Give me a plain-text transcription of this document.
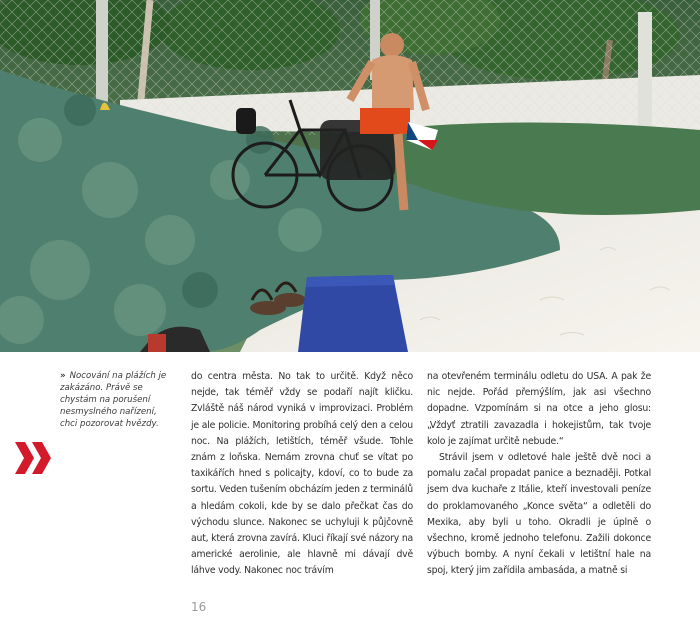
» Nocování na plážích je zakázáno. Právě se chystám na porušení nesmyslného nařízení, chci pozorovat hvězdy.

do centra města. No tak to určitě. Když něco nejde, tak téměř vždy se podaří najít kličku. Zvláště náš národ vyniká v improvizaci. Problém je ale policie. Monitoring probíhá celý den a celou noc. Na plážích, letištích, téměř všude. Tohle znám z loňska. Nemám zrovna chuť se vítat po taxikářích hned s policajty, kdoví, co to bude za sortu. Veden tušením obcházím jeden z terminálů a hledám cokoli, kde by se dalo přečkat čas do východu slunce. Nakonec se uchyluji k půjčovně aut, která zrovna zavírá. Kluci říkají své názory na americké aerolinie, ale hlavně mi dávají dvě láhve vody. Nakonec noc trávím

na otevřeném terminálu odletu do USA. A pak že nic nejde. Pořád přemýšlím, jak asi všechno dopadne. Vzpomínám si na otce a jeho glosu: „Vždyť ztratili zavazadla i hokejistům, tak tvoje kolo je zajímat určitě nebude.“

Strávil jsem v odletové hale ještě dvě noci a pomalu začal propadat panice a beznaději. Potkal jsem dva kuchaře z Itálie, kteří investovali peníze do proklamovaného „Konce světa“ a odletěli do Mexika, aby byli u toho. Okradli je úplně o všechno, kromě jednoho telefonu. Zažili dokonce výbuch bomby. A nyní čekali v letištní hale na spoj, který jim zařídila ambasáda, a matně si

16
